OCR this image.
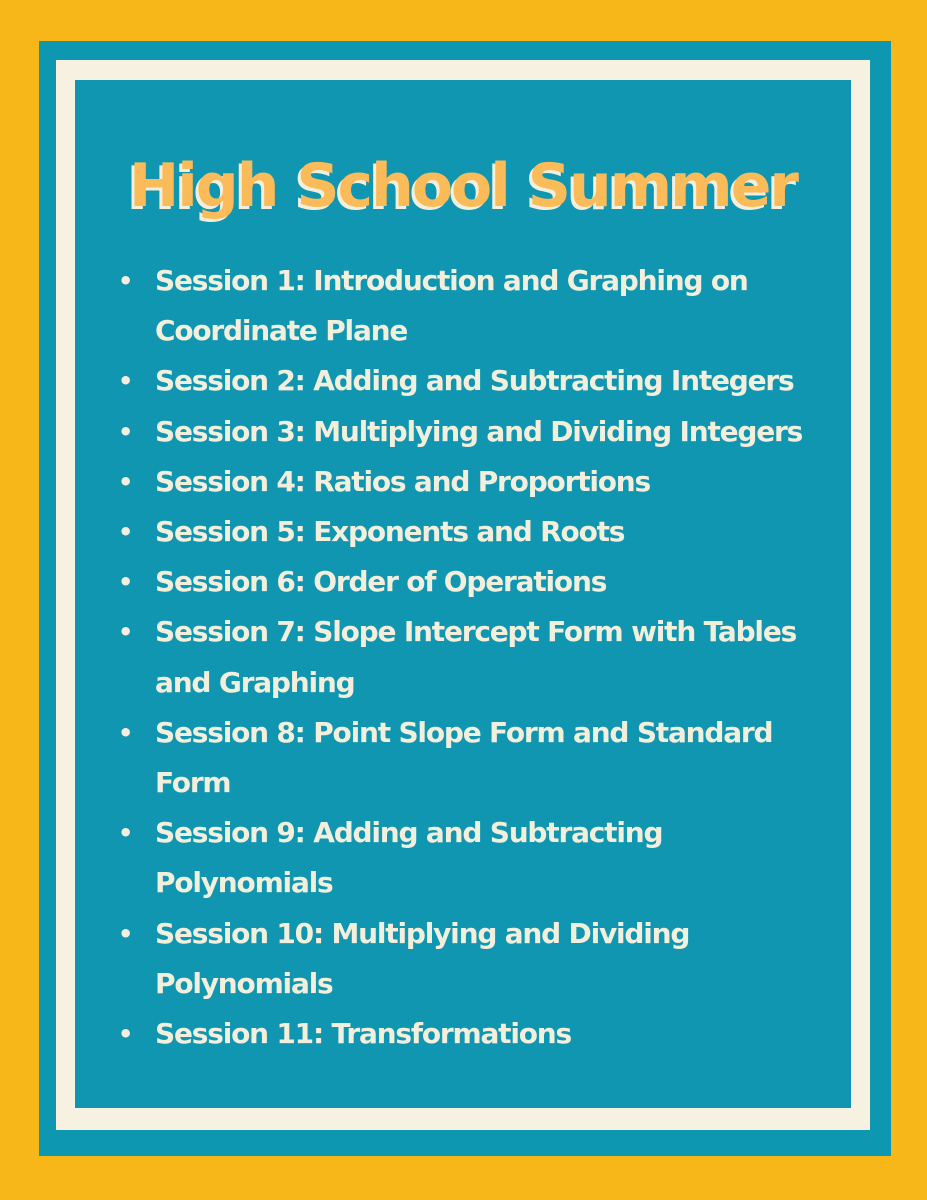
High School Summer
• Session 1: Introduction and Graphing on
Coordinate Plane
• Session 2: Adding and Subtracting Integers
• Session 3: Multiplying and Dividing Integers
• Session 4: Ratios and Proportions
• Session 5: Exponents and Roots
• Session 6: Order of Operations
• Session 7: Slope Intercept Form with Tables
and Graphing
• Session 8: Point Slope Form and Standard
Form
• Session 9: Adding and Subtracting
Polynomials
• Session 10: Multiplying and Dividing
Polynomials
• Session 11: Transformations
